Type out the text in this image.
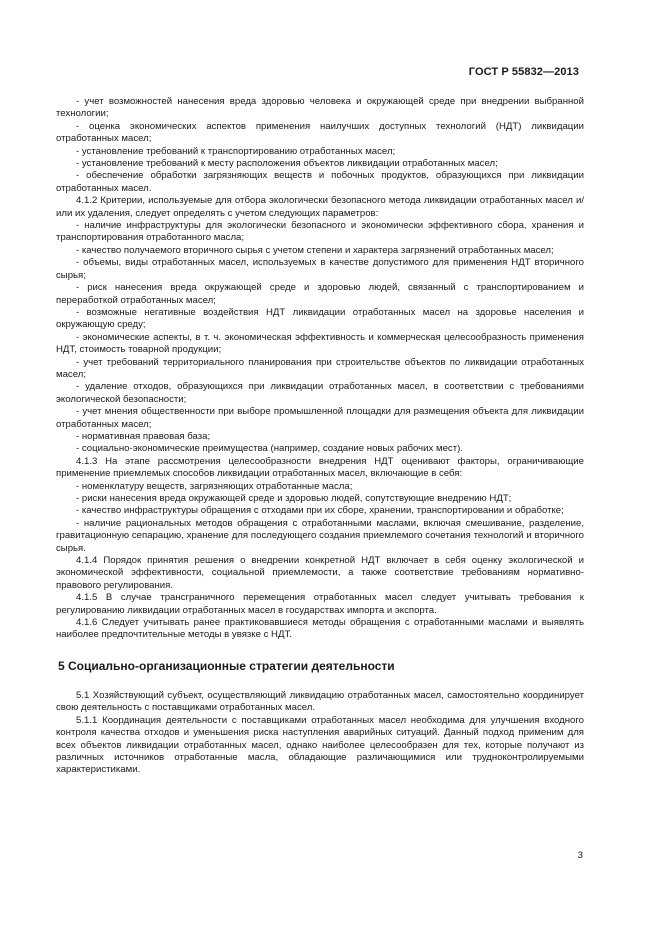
ГОСТ Р 55832—2013

- учет возможностей нанесения вреда здоровью человека и окружающей среде при внедрении выбранной технологии;

- оценка экономических аспектов применения наилучших доступных технологий (НДТ) ликвидации отработанных масел;

- установление требований к транспортированию отработанных масел;

- установление требований к месту расположения объектов ликвидации отработанных масел;

- обеспечение обработки загрязняющих веществ и побочных продуктов, образующихся при ликвидации отработанных масел.

4.1.2 Критерии, используемые для отбора экологически безопасного метода ликвидации отработанных масел и/или их удаления, следует определять с учетом следующих параметров:

- наличие инфраструктуры для экологически безопасного и экономически эффективного сбора, хранения и транспортирования отработанного масла;

- качество получаемого вторичного сырья с учетом степени и характера загрязнений отработанных масел;

- объемы, виды отработанных масел, используемых в качестве допустимого для применения НДТ вторичного сырья;

- риск нанесения вреда окружающей среде и здоровью людей, связанный с транспортированием и переработкой отработанных масел;

- возможные негативные воздействия НДТ ликвидации отработанных масел на здоровье населения и окружающую среду;

- экономические аспекты, в т. ч. экономическая эффективность и коммерческая целесообразность применения НДТ, стоимость товарной продукции;

- учет требований территориального планирования при строительстве объектов по ликвидации отработанных масел;

- удаление отходов, образующихся при ликвидации отработанных масел, в соответствии с требованиями экологической безопасности;

- учет мнения общественности при выборе промышленной площадки для размещения объекта для ликвидации отработанных масел;

- нормативная правовая база;

- социально-экономические преимущества (например, создание новых рабочих мест).

4.1.3 На этапе рассмотрения целесообразности внедрения НДТ оценивают факторы, ограничивающие применение приемлемых способов ликвидации отработанных масел, включающие в себя:

- номенклатуру веществ, загрязняющих отработанные масла;

- риски нанесения вреда окружающей среде и здоровью людей, сопутствующие внедрению НДТ;

- качество инфраструктуры обращения с отходами при их сборе, хранении, транспортировании и обработке;

- наличие рациональных методов обращения с отработанными маслами, включая смешивание, разделение, гравитационную сепарацию, хранение для последующего создания приемлемого сочетания технологий и вторичного сырья.

4.1.4 Порядок принятия решения о внедрении конкретной НДТ включает в себя оценку экологической и экономической эффективности, социальной приемлемости, а также соответствие требованиям нормативно-правового регулирования.

4.1.5 В случае трансграничного перемещения отработанных масел следует учитывать требования к регулированию ликвидации отработанных масел в государствах импорта и экспорта.

4.1.6 Следует учитывать ранее практиковавшиеся методы обращения с отработанными маслами и выявлять наиболее предпочтительные методы в увязке с НДТ.

5 Социально-организационные стратегии деятельности

5.1 Хозяйствующий субъект, осуществляющий ликвидацию отработанных масел, самостоятельно координирует свою деятельность с поставщиками отработанных масел.

5.1.1 Координация деятельности с поставщиками отработанных масел необходима для улучшения входного контроля качества отходов и уменьшения риска наступления аварийных ситуаций. Данный подход применим для всех объектов ликвидации отработанных масел, однако наиболее целесообразен для тех, которые получают из различных источников отработанные масла, обладающие различающимися или трудноконтролируемыми характеристиками.

3
